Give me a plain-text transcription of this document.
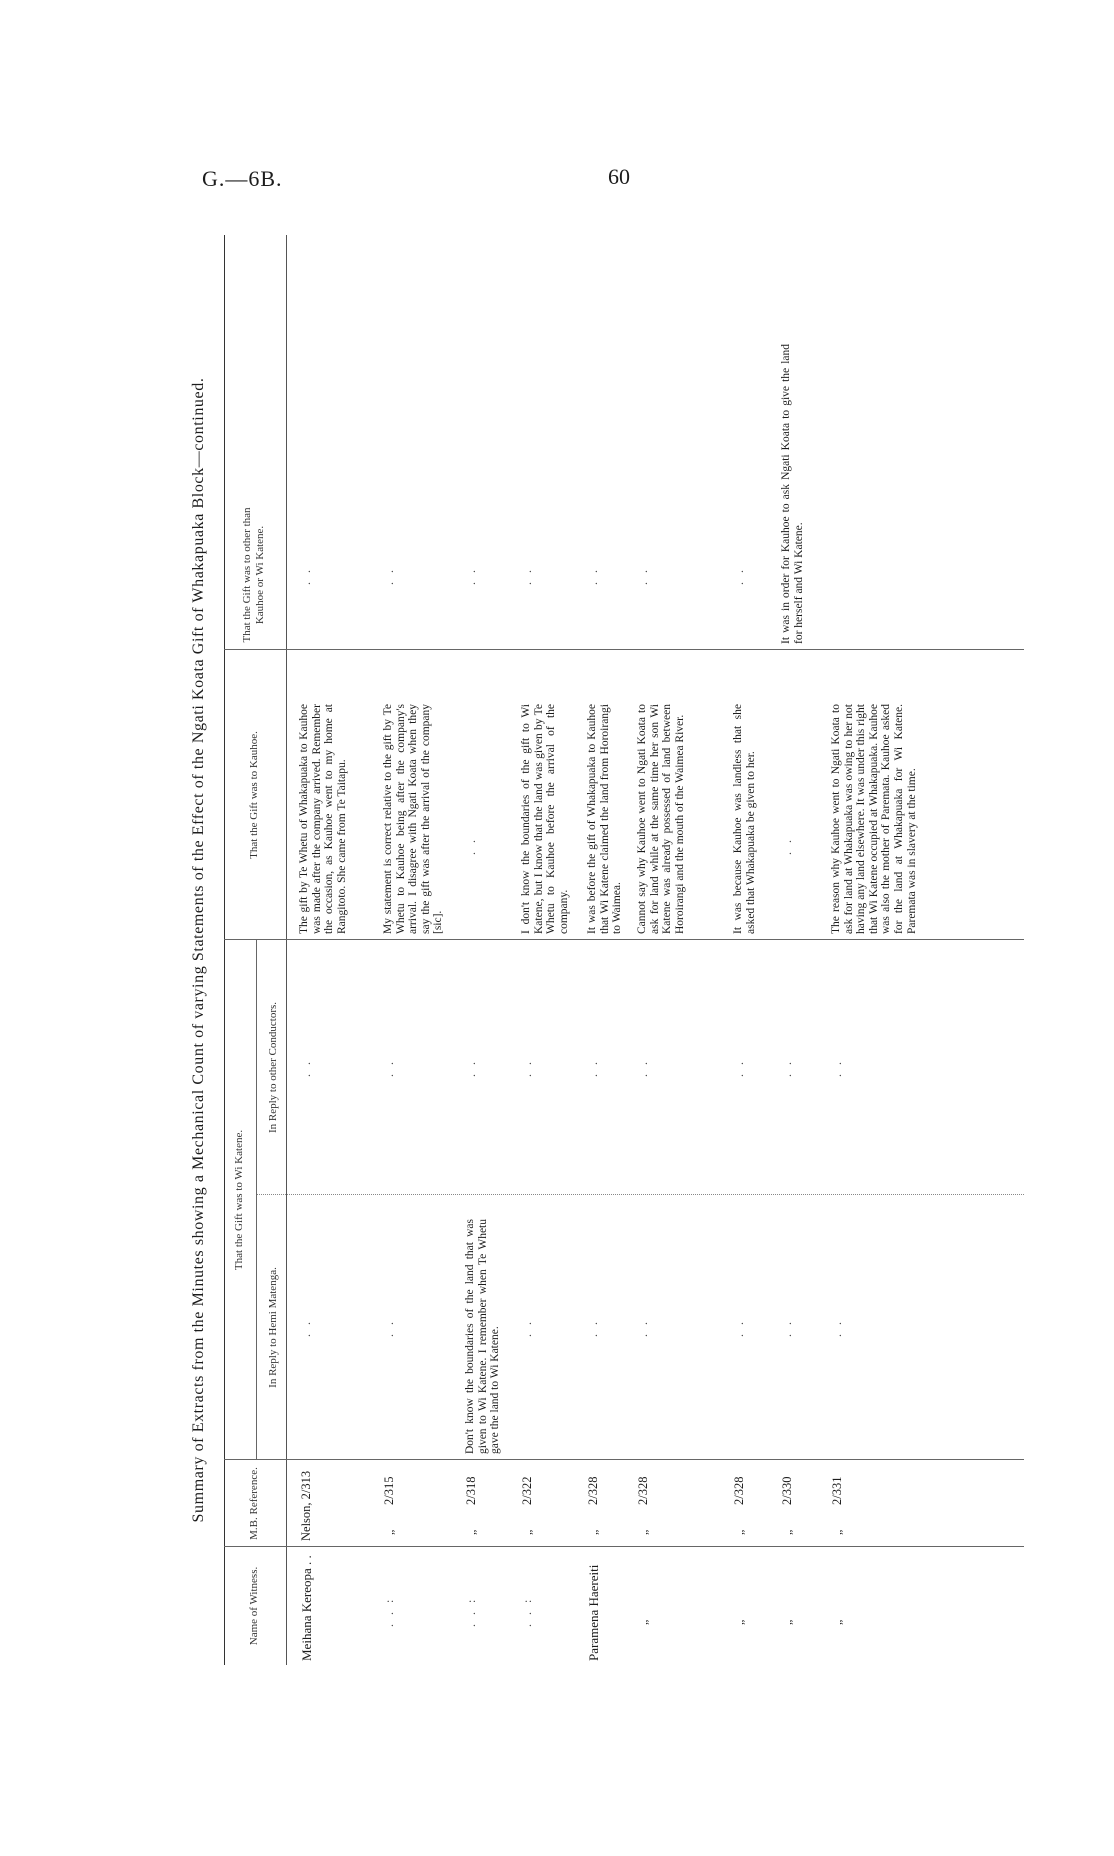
G.—6B.	60
Summary of Extracts from the Minutes showing a Mechanical Count of varying Statements of the Effect of the Ngati Koata Gift of Whakapuaka Block—continued.
Name of Witness.
M.B. Reference.
That the Gift was to Wi Katene.
In Reply to Hemi Matenga.
In Reply to other Conductors.
That the Gift was to Kauhoe.
That the Gift was to other than Kauhoe or Wi Katene.
Meihana Kereopa . .
Nelson, 2/313
. .
. .
The gift by Te Whetu of Whakapuaka to Kauhoe was made after the company arrived. Remember the occasion, as Kauhoe went to my home at Rangitoto. She came from Te Taitapu.
. .
. . :
„
2/315
. .
. .
My statement is correct relative to the gift by Te Whetu to Kauhoe being after the company's arrival. I disagree with Ngati Koata when they say the gift was after the arrival of the company [sic].
. .
. . :
„
2/318
Don't know the boundaries of the land that was given to Wi Katene. I remember when Te Whetu gave the land to Wi Katene.
. .
. .
. .
. . :
„
2/322
. .
. .
I don't know the boundaries of the gift to Wi Katene, but I know that the land was given by Te Whetu to Kauhoe before the arrival of the company.
. .
Paramena Haereiti
„
2/328
. .
. .
It was before the gift of Whakapuaka to Kauhoe that Wi Katene claimed the land from Horoirangi to Waimea.
. .
„
„
2/328
. .
. .
Cannot say why Kauhoe went to Ngati Koata to ask for land while at the same time her son Wi Katene was already possessed of land between Horoirangi and the mouth of the Waimea River.
. .
„
„
2/328
. .
. .
It was because Kauhoe was landless that she asked that Whakapuaka be given to her.
. .
„
„
2/330
. .
. .
. .
It was in order for Kauhoe to ask Ngati Koata to give the land for herself and Wi Katene.
„
„
2/331
. .
. .
The reason why Kauhoe went to Ngati Koata to ask for land at Whakapuaka was owing to her not having any land elsewhere. It was under this right that Wi Katene occupied at Whakapuaka. Kauhoe was also the mother of Paremata. Kauhoe asked for the land at Whakapuaka for Wi Katene. Paremata was in slavery at the time.
